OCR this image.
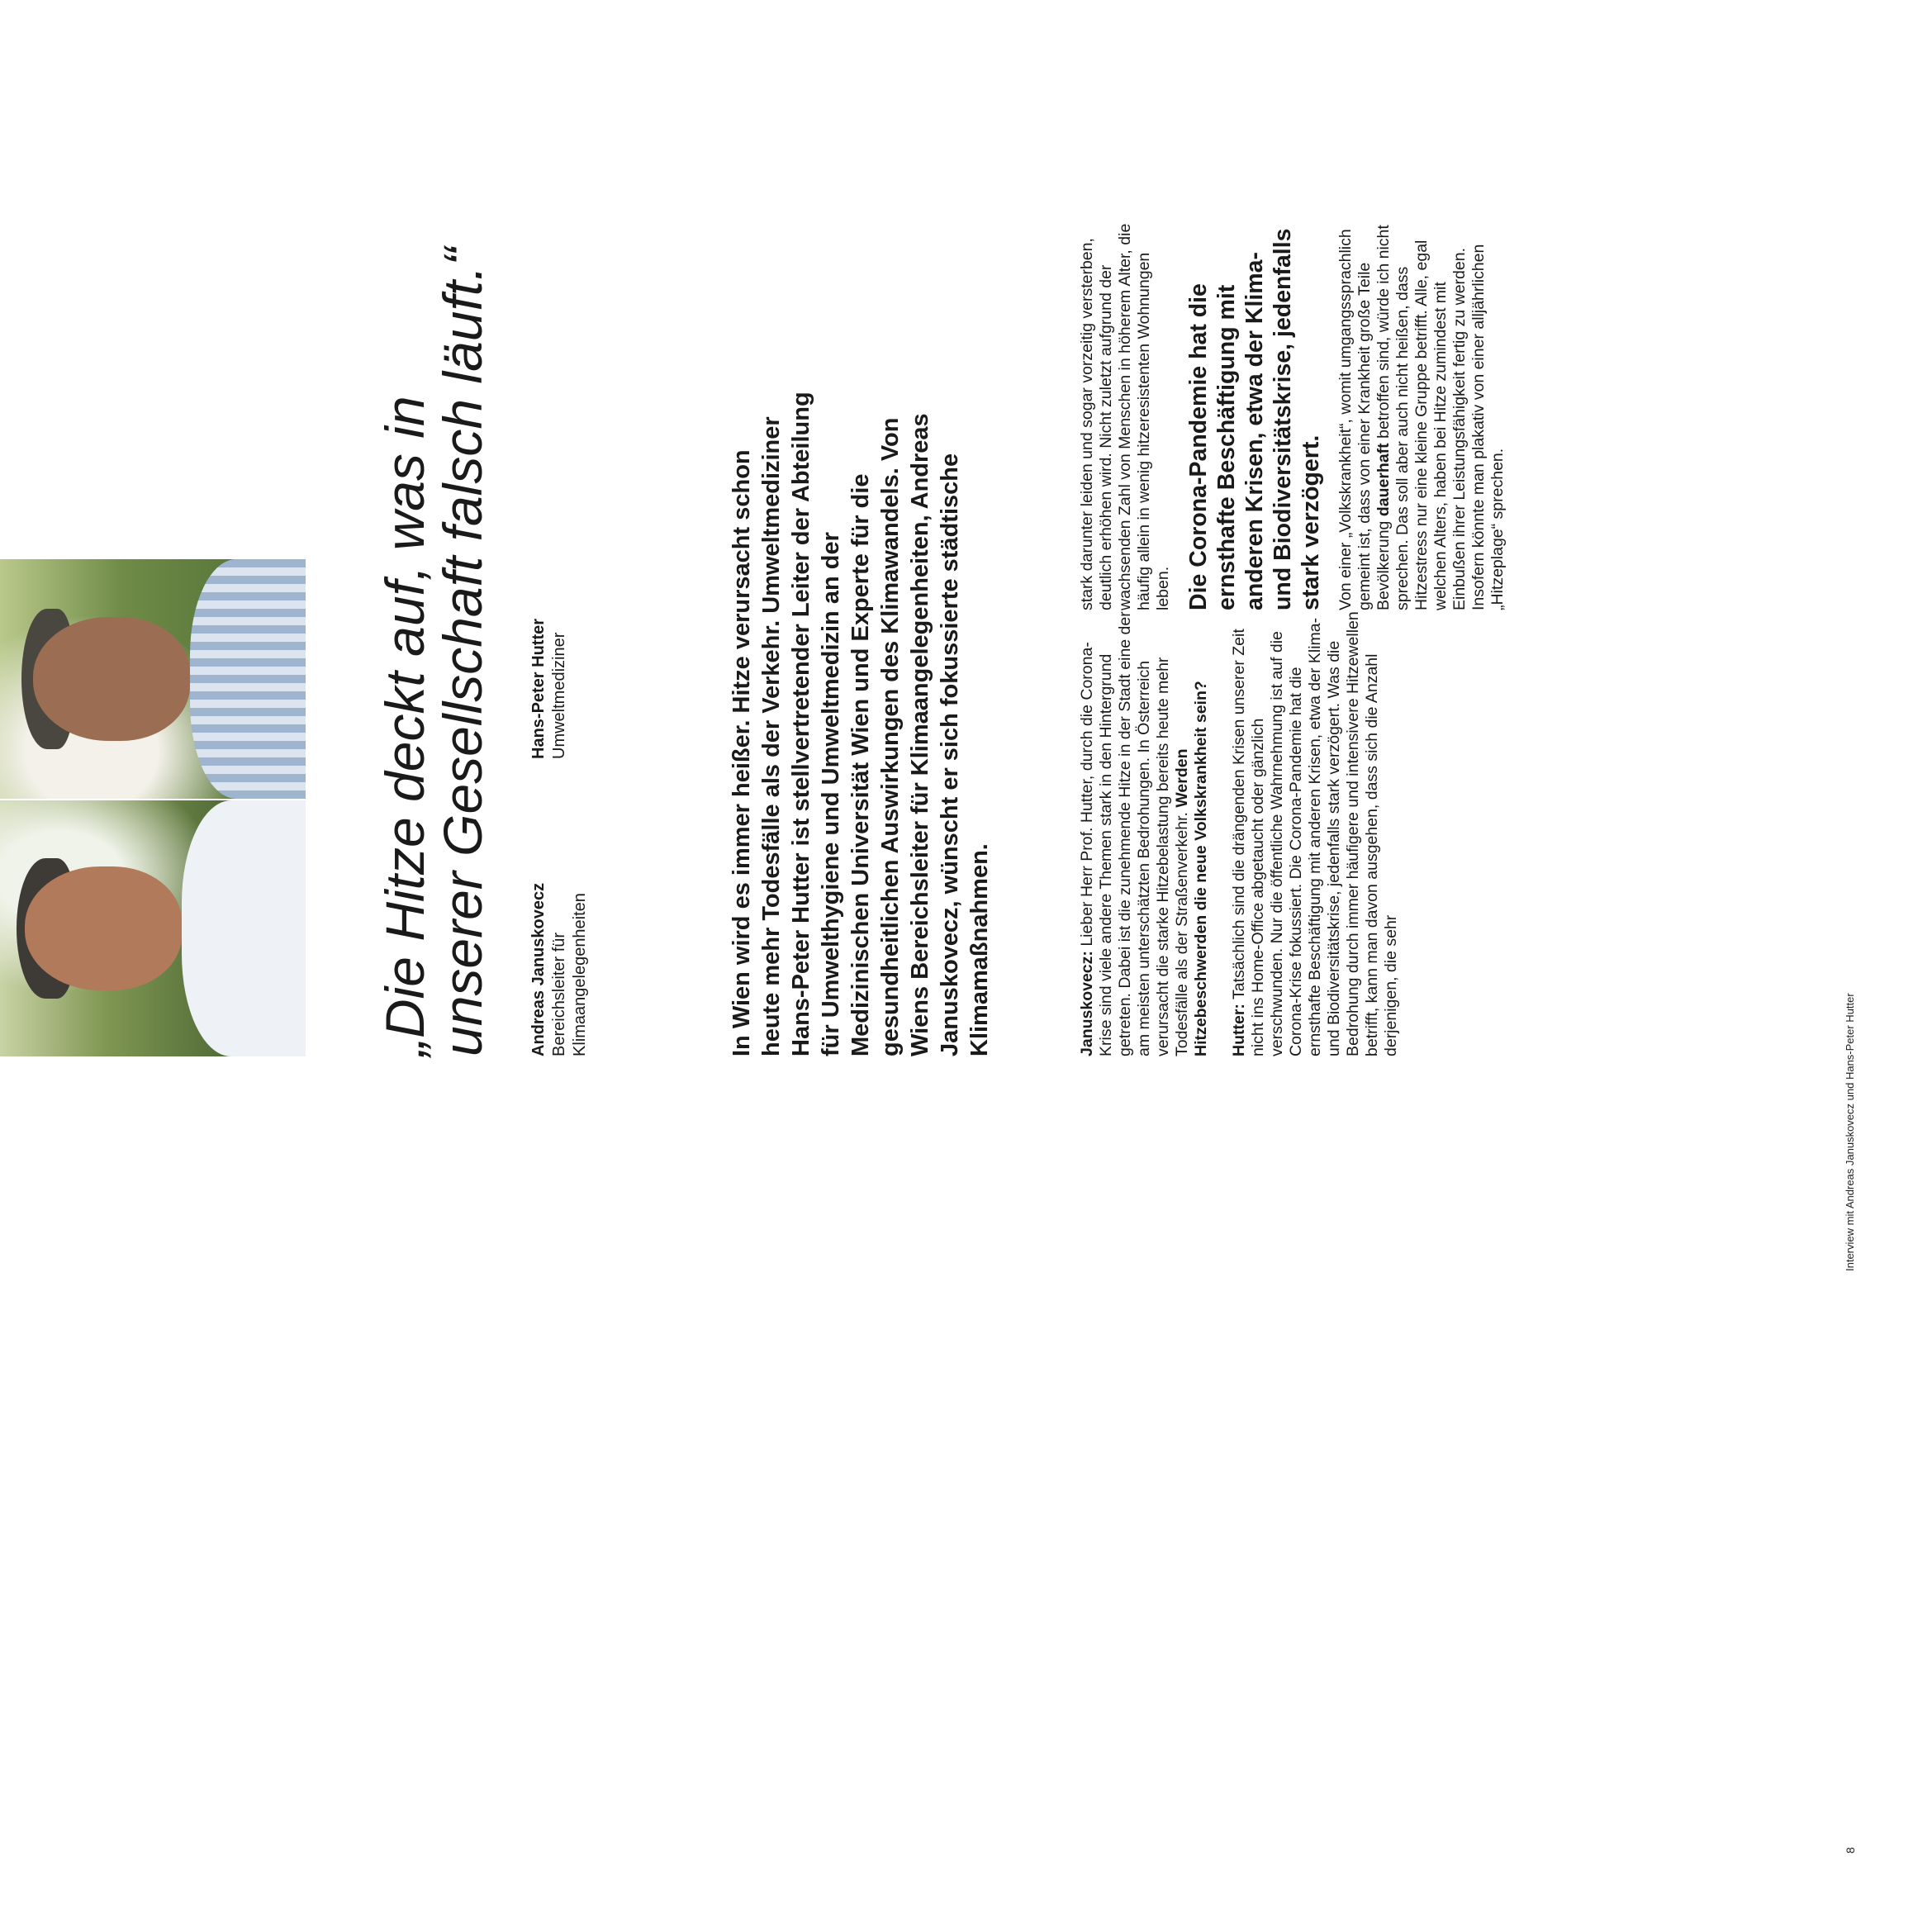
„Die Hitze deckt auf, was in unserer Gesellschaft falsch läuft.“ Andreas Januskovecz Bereichsleiter für Klimaangelegenheiten
Hans-Peter Hutter Umweltmediziner	In Wien wird es immer heißer. Hitze verursacht schon heute mehr Todesfälle als der Verkehr. Umweltmediziner Hans-Peter Hutter ist stellvertretender Leiter der Abteilung für Umwelthygiene und Umweltmedizin an der Medizinischen Universität Wien und Experte für die gesundheitlichen Auswirkungen des Klimawandels. Von Wiens Bereichsleiter für Klimaangelegenheiten, Andreas Januskovecz, wünscht er sich fokussierte städtische Klimamaßnahmen.	Januskovecz: Lieber Herr Prof. Hutter, durch die Corona-Krise sind viele andere Themen stark in den Hintergrund getreten. Dabei ist die zunehmende Hitze in der Stadt eine der am meisten unterschätzten Bedrohungen. In Österreich verursacht die starke Hitzebelastung bereits heute mehr Todesfälle als der Straßenverkehr. Werden Hitzebeschwerden die neue Volkskrankheit sein? Hutter: Tatsächlich sind die drängenden Krisen unserer Zeit nicht ins Home-Office abgetaucht oder gänzlich verschwunden. Nur die öffentliche Wahrnehmung ist auf die Corona-Krise fokussiert. Die Corona-Pandemie hat die ernsthafte Beschäftigung mit anderen Krisen, etwa der Klima- und Biodiversitätskrise, jedenfalls stark verzögert. Was die Bedrohung durch immer häufigere und intensivere Hitzewellen betrifft, kann man davon ausgehen, dass sich die Anzahl derjenigen, die sehr

stark darunter leiden und sogar vorzeitig versterben, deutlich erhöhen wird. Nicht zuletzt aufgrund der wachsenden Zahl von Menschen in höherem Alter, die häufig allein in wenig hitzeresistenten Wohnungen leben. Die Corona-Pandemie hat die ernsthafte Beschäftigung mit anderen Krisen, etwa der Klima- und Biodiversitätskrise, jedenfalls stark verzögert. Von einer „Volkskrankheit“, womit umgangssprachlich gemeint ist, dass von einer Krankheit große Teile Bevölkerung dauerhaft betroffen sind, würde ich nicht sprechen. Das soll aber auch nicht heißen, dass Hitzestress nur eine kleine Gruppe betrifft. Alle, egal welchen Alters, haben bei Hitze zumindest mit Einbußen ihrer Leistungsfähigkeit fertig zu werden. Insofern könnte man plakativ von einer alljährlichen „Hitzeplage“ sprechen.

Interview mit Andreas Januskovecz und Hans-Peter Hutter
8
